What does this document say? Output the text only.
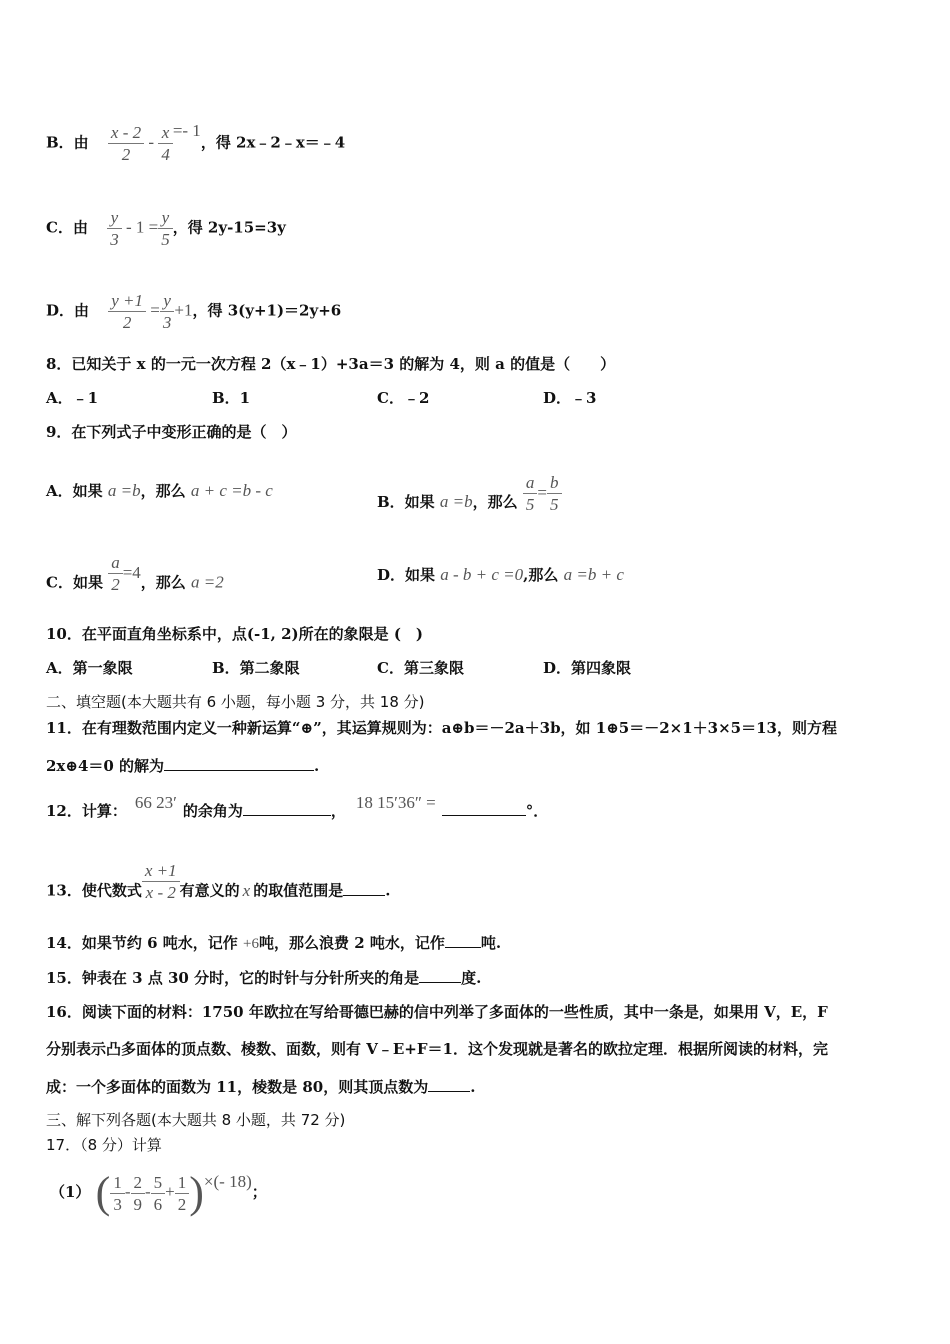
B．由 $\frac{x - 2}{2} - \frac{x}{4} =- 1$，得 2x﹣2﹣x＝﹣4
C．由 $\frac{y}{3} - 1 = \frac{y}{5}$ ，得 2y-15=3y
D．由 $\frac{y +1}{2} = \frac{y}{3} +1$，得 3(y+1)＝2y+6
8．已知关于 x 的一元一次方程 2（x﹣1）+3a＝3 的解为 4，则 a 的值是（　　）
A．﹣1	B．1	C．﹣2	D．﹣3
9．在下列式子中变形正确的是（　）
A．如果 a =b，那么 a + c =b - c
B．如果 a =b，那么 $\frac{a}{5} = \frac{b}{5}$
C．如果 $\frac{a}{2} =4$，那么 a =2	D．如果 a - b + c =0,那么 a =b + c
10．在平面直角坐标系中，点(-1, 2)所在的象限是 (　)
A．第一象限	B．第二象限	C．第三象限	D．第四象限
二、填空题(本大题共有 6 小题，每小题 3 分，共 18 分)
11．在有理数范围内定义一种新运算“⊕”，其运算规则为：a⊕b＝－2a＋3b，如 1⊕5＝－2×1＋3×5＝13，则方程
2x⊕4＝0 的解为	.
12．计算： 66 23′ 的余角为	， 18 15′36″ =	°．
13．使代数式 $\frac{x +1}{x - 2}$ 有意义的 x 的取值范围是	.
14．如果节约 6 吨水，记作 +6吨，那么浪费 2 吨水，记作 吨.
15．钟表在 3 点 30 分时，它的时针与分针所夹的角是	度.
16．阅读下面的材料：1750 年欧拉在写给哥德巴赫的信中列举了多面体的一些性质，其中一条是，如果用 V，E，F
分别表示凸多面体的顶点数、棱数、面数，则有 V﹣E+F＝1．这个发现就是著名的欧拉定理．根据所阅读的材料，完
成：一个多面体的面数为 11，棱数是 80，则其顶点数为	.
三、解下列各题(本大题共 8 小题，共 72 分)
17．（8 分）计算
（1） ( $\frac{1}{3} - \frac{2}{9} - \frac{5}{6} + \frac{1}{2}$ )×(- 18)；
